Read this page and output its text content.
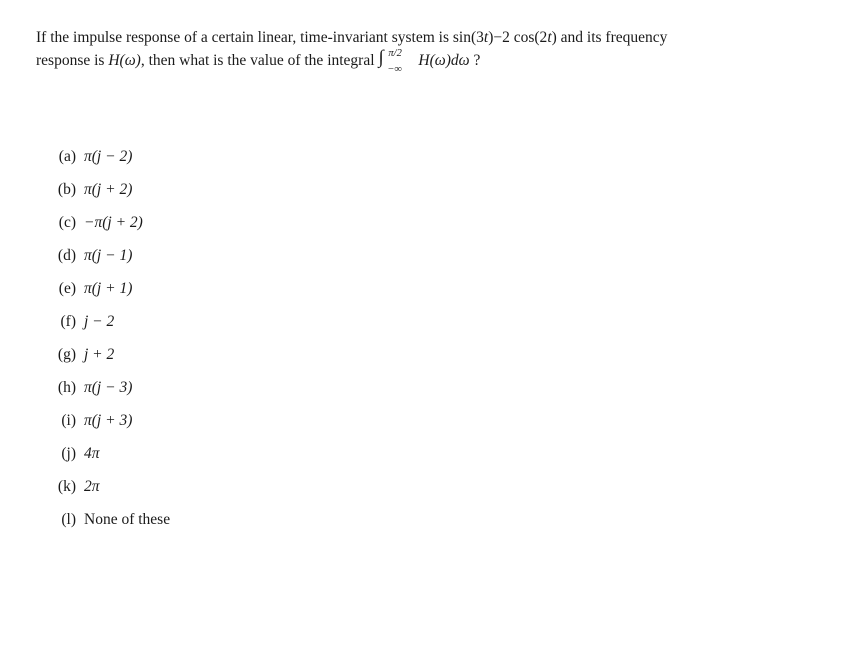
If the impulse response of a certain linear, time-invariant system is sin(3t)−2 cos(2t) and its frequency
response is H(ω), then what is the value of the integral ∫ π/2
−∞
H(ω)dω ?
(a) π(j − 2)
(b) π(j + 2)
(c) −π(j + 2)
(d) π(j − 1)
(e) π(j + 1)
(f) j − 2
(g) j + 2
(h) π(j − 3)
(i) π(j + 3)
(j) 4π
(k) 2π
(l) None of these
